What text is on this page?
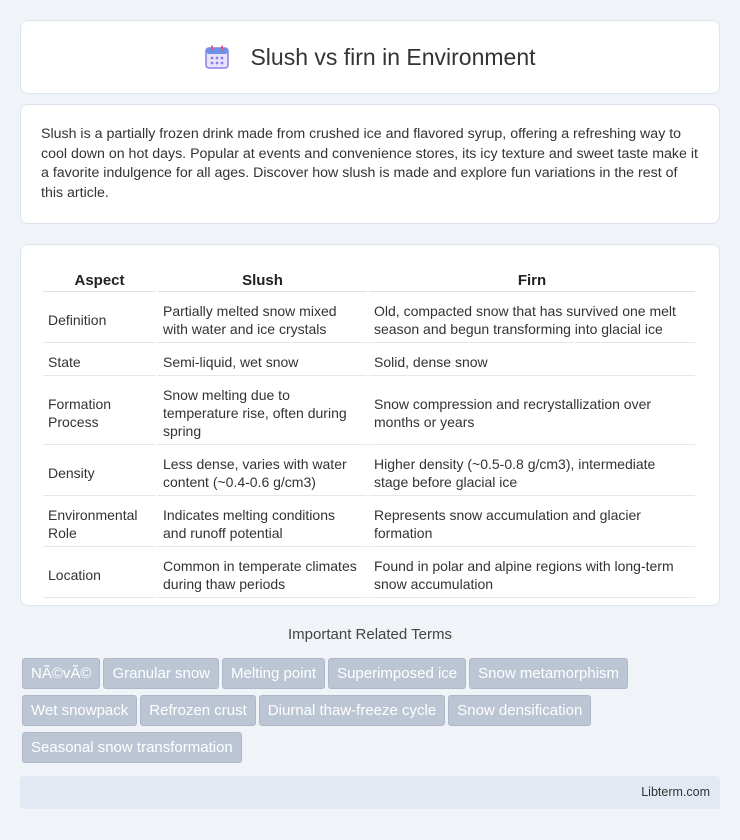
Slush vs firn in Environment

Slush is a partially frozen drink made from crushed ice and flavored syrup, offering a refreshing way to cool down on hot days. Popular at events and convenience stores, its icy texture and sweet taste make it a favorite indulgence for all ages. Discover how slush is made and explore fun variations in the rest of this article.

Aspect	Slush	Firn
Definition	Partially melted snow mixed with water and ice crystals	Old, compacted snow that has survived one melt season and begun transforming into glacial ice
State	Semi-liquid, wet snow	Solid, dense snow
Formation Process	Snow melting due to temperature rise, often during spring	Snow compression and recrystallization over months or years
Density	Less dense, varies with water content (~0.4-0.6 g/cm3)	Higher density (~0.5-0.8 g/cm3), intermediate stage before glacial ice
Environmental Role	Indicates melting conditions and runoff potential	Represents snow accumulation and glacier formation
Location	Common in temperate climates during thaw periods	Found in polar and alpine regions with long-term snow accumulation
Important Related Terms
NÃ©vÃ© Granular snow Melting point Superimposed ice Snow metamorphism
Wet snowpack Refrozen crust Diurnal thaw-freeze cycle Snow densification
Seasonal snow transformation
Libterm.com
